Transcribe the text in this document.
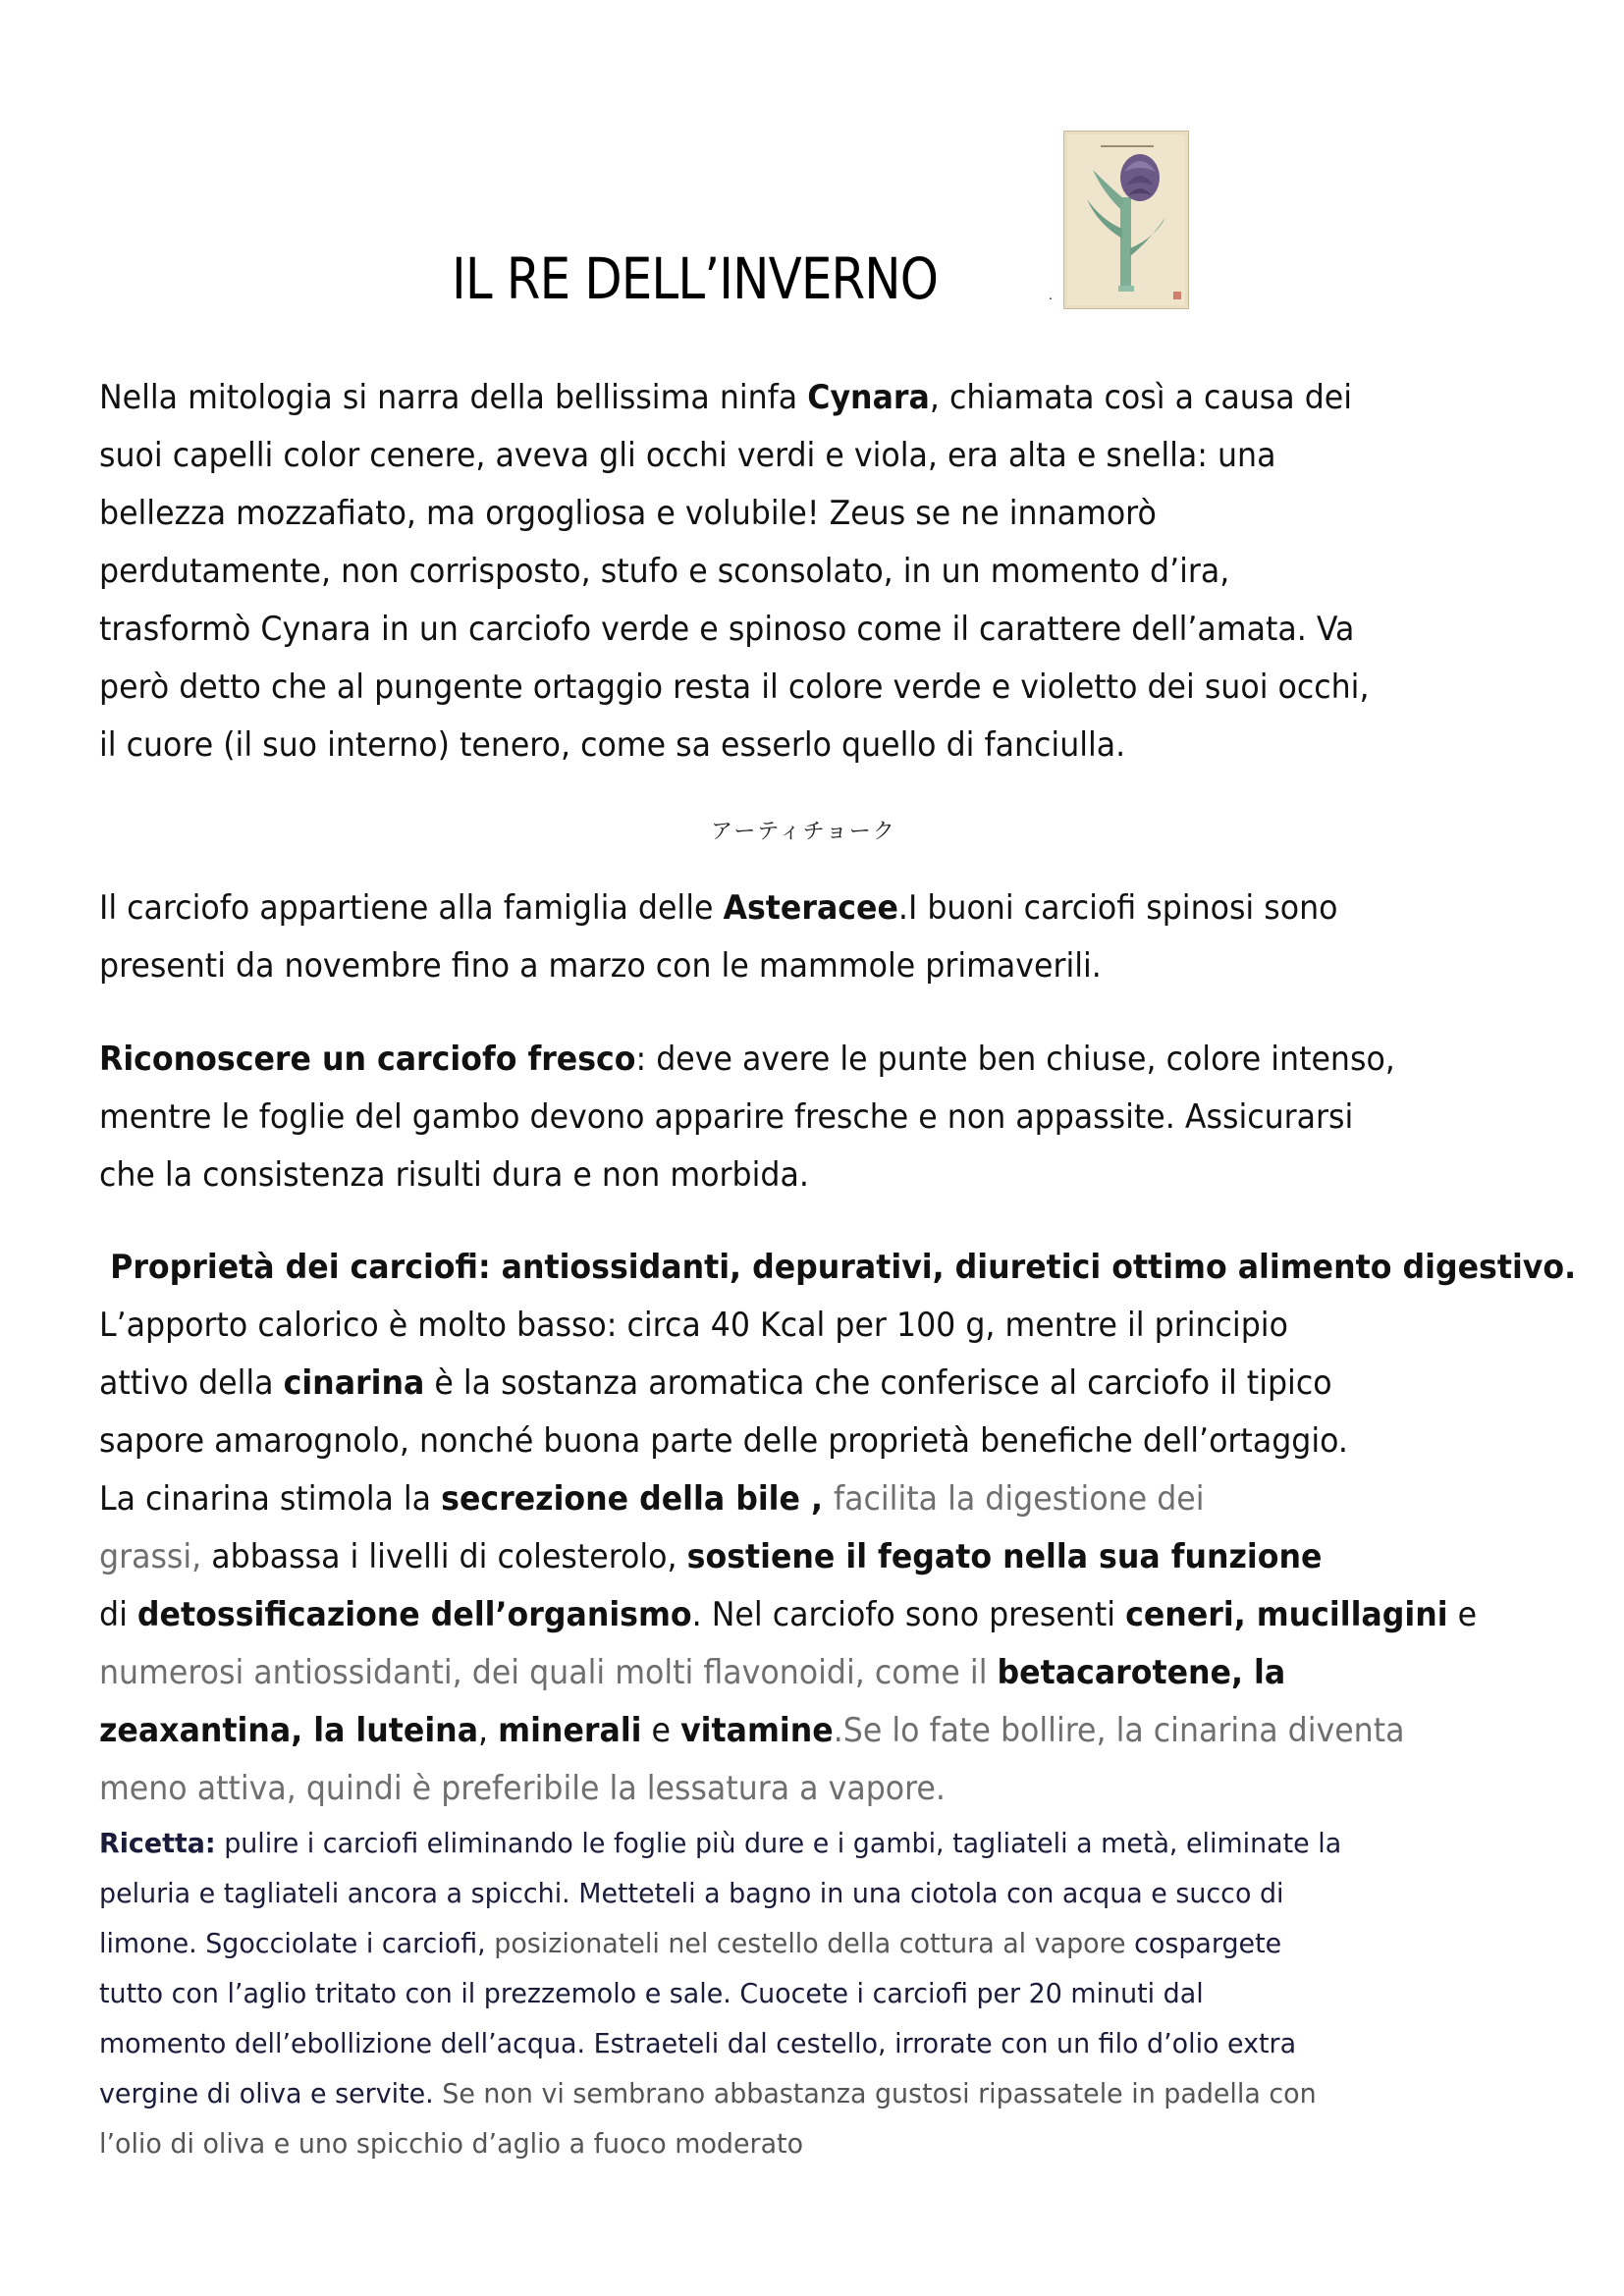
IL RE DELL’INVERNO	.
Nella mitologia si narra della bellissima ninfa Cynara, chiamata così a causa dei
suoi capelli color cenere, aveva gli occhi verdi e viola, era alta e snella: una
bellezza mozzafiato, ma orgogliosa e volubile! Zeus se ne innamorò
perdutamente, non corrisposto, stufo e sconsolato, in un momento d’ira,
trasformò Cynara in un carciofo verde e spinoso come il carattere dell’amata. Va
però detto che al pungente ortaggio resta il colore verde e violetto dei suoi occhi,
il cuore (il suo interno) tenero, come sa esserlo quello di fanciulla.
アーティチョーク
Il carciofo appartiene alla famiglia delle Asteracee.I buoni carciofi spinosi sono
presenti da novembre fino a marzo con le mammole primaverili.
Riconoscere un carciofo fresco: deve avere le punte ben chiuse, colore intenso,
mentre le foglie del gambo devono apparire fresche e non appassite. Assicurarsi
che la consistenza risulti dura e non morbida.
Proprietà dei carciofi: antiossidanti, depurativi, diuretici ottimo alimento digestivo.
L’apporto calorico è molto basso: circa 40 Kcal per 100 g, mentre il principio
attivo della cinarina è la sostanza aromatica che conferisce al carciofo il tipico
sapore amarognolo, nonché buona parte delle proprietà benefiche dell’ortaggio.
La cinarina stimola la secrezione della bile , facilita la digestione dei
grassi, abbassa i livelli di colesterolo, sostiene il fegato nella sua funzione
di detossificazione dell’organismo. Nel carciofo sono presenti ceneri, mucillagini e
numerosi antiossidanti, dei quali molti flavonoidi, come il betacarotene, la
zeaxantina, la luteina, minerali e vitamine.Se lo fate bollire, la cinarina diventa
meno attiva, quindi è preferibile la lessatura a vapore.
Ricetta: pulire i carciofi eliminando le foglie più dure e i gambi, tagliateli a metà, eliminate la
peluria e tagliateli ancora a spicchi. Metteteli a bagno in una ciotola con acqua e succo di
limone. Sgocciolate i carciofi, posizionateli nel cestello della cottura al vapore cospargete
tutto con l’aglio tritato con il prezzemolo e sale. Cuocete i carciofi per 20 minuti dal
momento dell’ebollizione dell’acqua. Estraeteli dal cestello, irrorate con un filo d’olio extra
vergine di oliva e servite. Se non vi sembrano abbastanza gustosi ripassatele in padella con
l’olio di oliva e uno spicchio d’aglio a fuoco moderato
